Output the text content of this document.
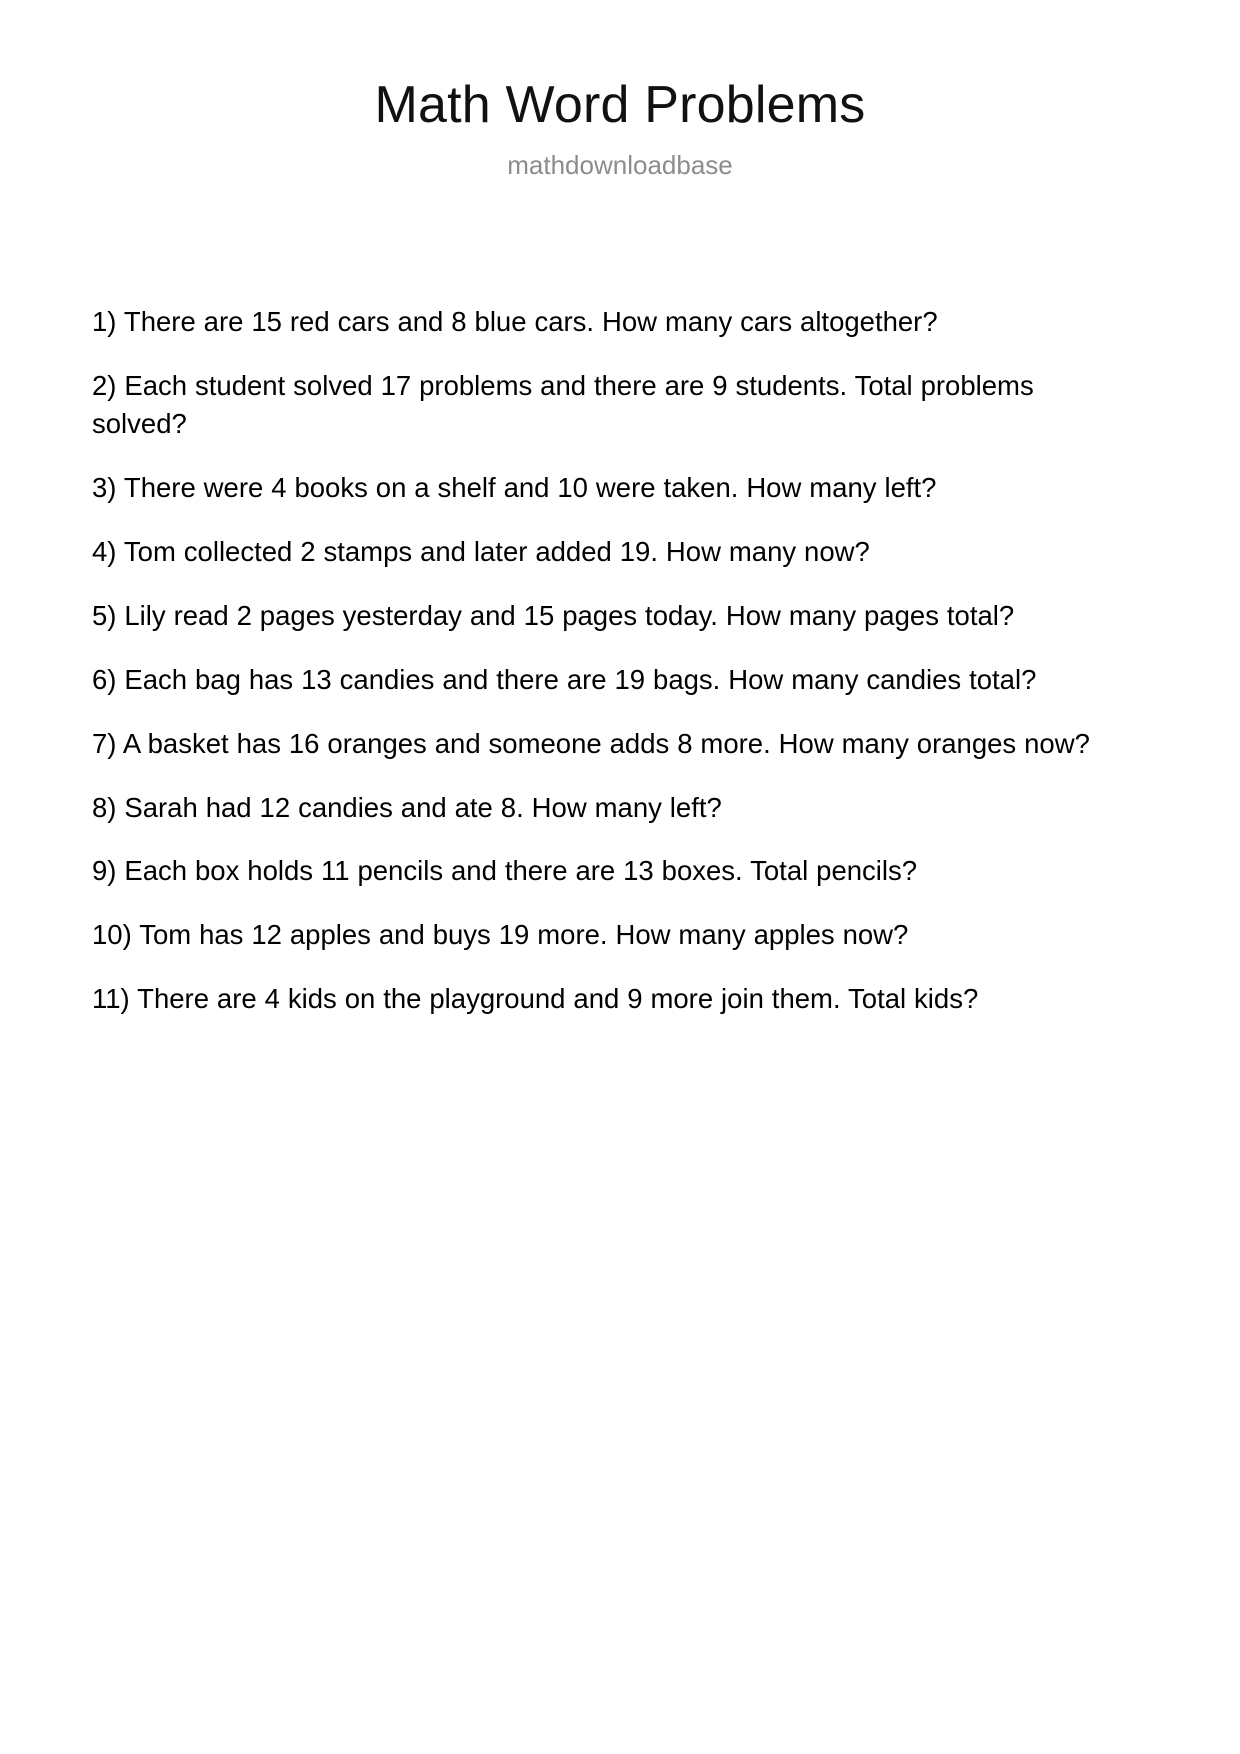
Math Word Problems
mathdownloadbase
1) There are 15 red cars and 8 blue cars. How many cars altogether?
2) Each student solved 17 problems and there are 9 students. Total problems solved?
3) There were 4 books on a shelf and 10 were taken. How many left?
4) Tom collected 2 stamps and later added 19. How many now?
5) Lily read 2 pages yesterday and 15 pages today. How many pages total?
6) Each bag has 13 candies and there are 19 bags. How many candies total?
7) A basket has 16 oranges and someone adds 8 more. How many oranges now?
8) Sarah had 12 candies and ate 8. How many left?
9) Each box holds 11 pencils and there are 13 boxes. Total pencils?
10) Tom has 12 apples and buys 19 more. How many apples now?
11) There are 4 kids on the playground and 9 more join them. Total kids?
